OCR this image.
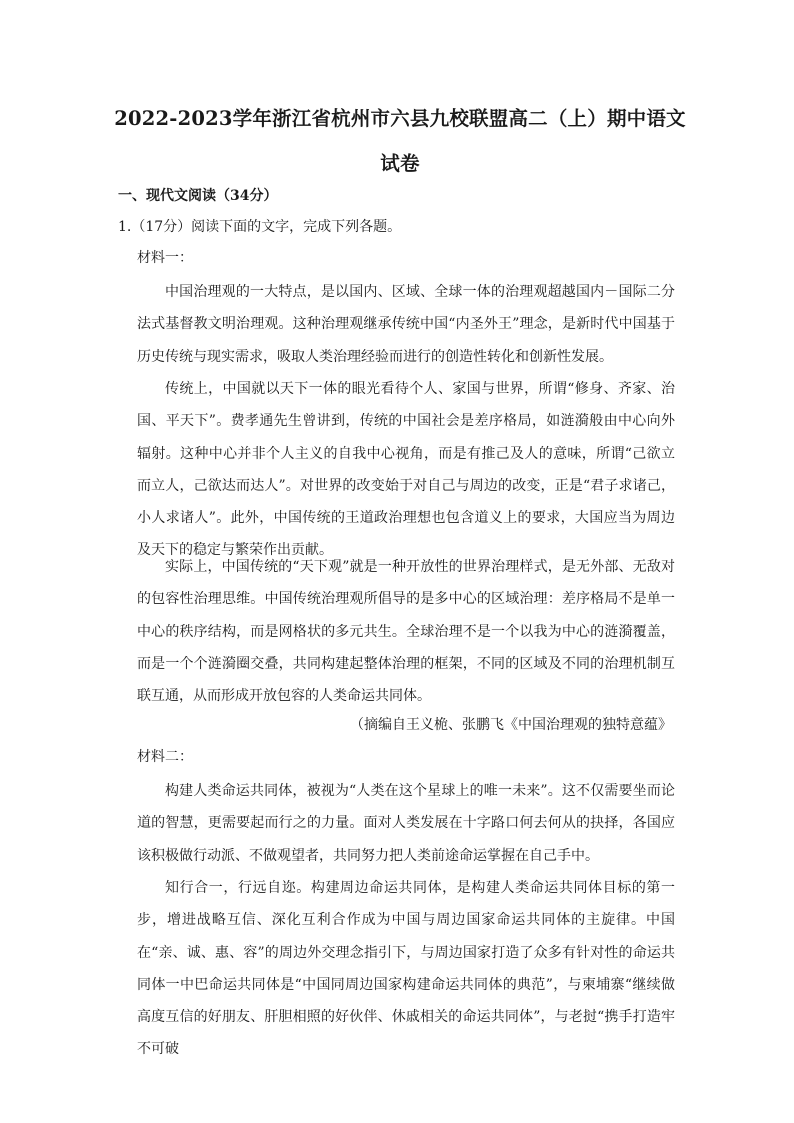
2022-2023学年浙江省杭州市六县九校联盟高二（上）期中语文
试卷
一、现代文阅读（34分）
1.（17分）阅读下面的文字，完成下列各题。
材料一：

中国治理观的一大特点，是以国内、区域、全球一体的治理观超越国内－国际二分法式基督教文明治理观。这种治理观继承传统中国“内圣外王”理念，是新时代中国基于历史传统与现实需求，吸取人类治理经验而进行的创造性转化和创新性发展。

传统上，中国就以天下一体的眼光看待个人、家国与世界，所谓“修身、齐家、治国、平天下”。费孝通先生曾讲到，传统的中国社会是差序格局，如涟漪般由中心向外辐射。这种中心并非个人主义的自我中心视角，而是有推己及人的意味，所谓“己欲立而立人，己欲达而达人”。对世界的改变始于对自己与周边的改变，正是“君子求诸己，小人求诸人”。此外，中国传统的王道政治理想也包含道义上的要求，大国应当为周边及天下的稳定与繁荣作出贡献。

实际上，中国传统的“天下观”就是一种开放性的世界治理样式，是无外部、无敌对的包容性治理思维。中国传统治理观所倡导的是多中心的区域治理：差序格局不是单一中心的秩序结构，而是网格状的多元共生。全球治理不是一个以我为中心的涟漪覆盖，而是一个个涟漪圈交叠，共同构建起整体治理的框架，不同的区域及不同的治理机制互联互通，从而形成开放包容的人类命运共同体。

（摘编自王义桅、张鹏飞《中国治理观的独特意蕴》
材料二：

构建人类命运共同体，被视为“人类在这个星球上的唯一未来”。这不仅需要坐而论道的智慧，更需要起而行之的力量。面对人类发展在十字路口何去何从的抉择，各国应该积极做行动派、不做观望者，共同努力把人类前途命运掌握在自己手中。

知行合一，行远自迩。构建周边命运共同体，是构建人类命运共同体目标的第一步，增进战略互信、深化互利合作成为中国与周边国家命运共同体的主旋律。中国在“亲、诚、惠、容”的周边外交理念指引下，与周边国家打造了众多有针对性的命运共同体一中巴命运共同体是“中国同周边国家构建命运共同体的典范”，与柬埔寨“继续做高度互信的好朋友、肝胆相照的好伙伴、休戚相关的命运共同体”，与老挝“携手打造牢不可破
